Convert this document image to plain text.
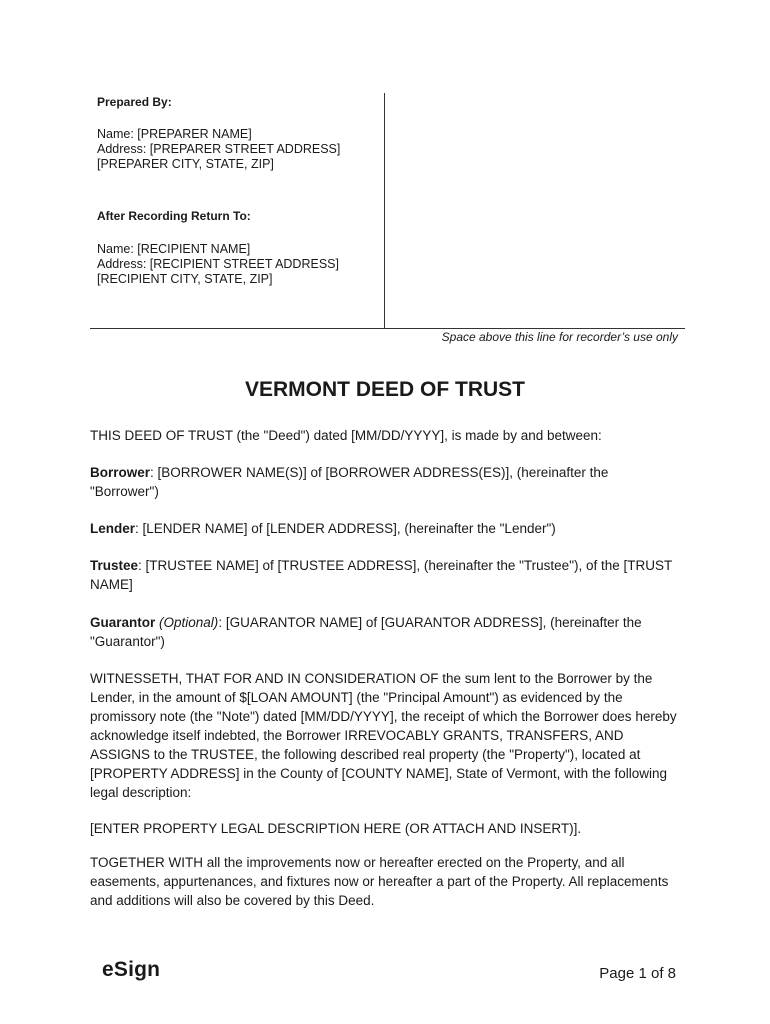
Prepared By:
Name: [PREPARER NAME]
Address: [PREPARER STREET ADDRESS]
[PREPARER CITY, STATE, ZIP]
After Recording Return To:
Name: [RECIPIENT NAME]
Address: [RECIPIENT STREET ADDRESS]
[RECIPIENT CITY, STATE, ZIP]
Space above this line for recorder’s use only
VERMONT DEED OF TRUST
THIS DEED OF TRUST (the "Deed") dated [MM/DD/YYYY], is made by and between:
Borrower: [BORROWER NAME(S)] of [BORROWER ADDRESS(ES)], (hereinafter the "Borrower")
Lender: [LENDER NAME] of [LENDER ADDRESS], (hereinafter the "Lender")
Trustee: [TRUSTEE NAME] of [TRUSTEE ADDRESS], (hereinafter the "Trustee"), of the [TRUST NAME]
Guarantor (Optional): [GUARANTOR NAME] of [GUARANTOR ADDRESS], (hereinafter the "Guarantor")
WITNESSETH, THAT FOR AND IN CONSIDERATION OF the sum lent to the Borrower by the Lender, in the amount of $[LOAN AMOUNT] (the "Principal Amount") as evidenced by the promissory note (the "Note") dated [MM/DD/YYYY], the receipt of which the Borrower does hereby acknowledge itself indebted, the Borrower IRREVOCABLY GRANTS, TRANSFERS, AND ASSIGNS to the TRUSTEE, the following described real property (the "Property"), located at [PROPERTY ADDRESS] in the County of [COUNTY NAME], State of Vermont, with the following legal description:
[ENTER PROPERTY LEGAL DESCRIPTION HERE (OR ATTACH AND INSERT)].
TOGETHER WITH all the improvements now or hereafter erected on the Property, and all easements, appurtenances, and fixtures now or hereafter a part of the Property. All replacements and additions will also be covered by this Deed.
eSign	Page 1 of 8
